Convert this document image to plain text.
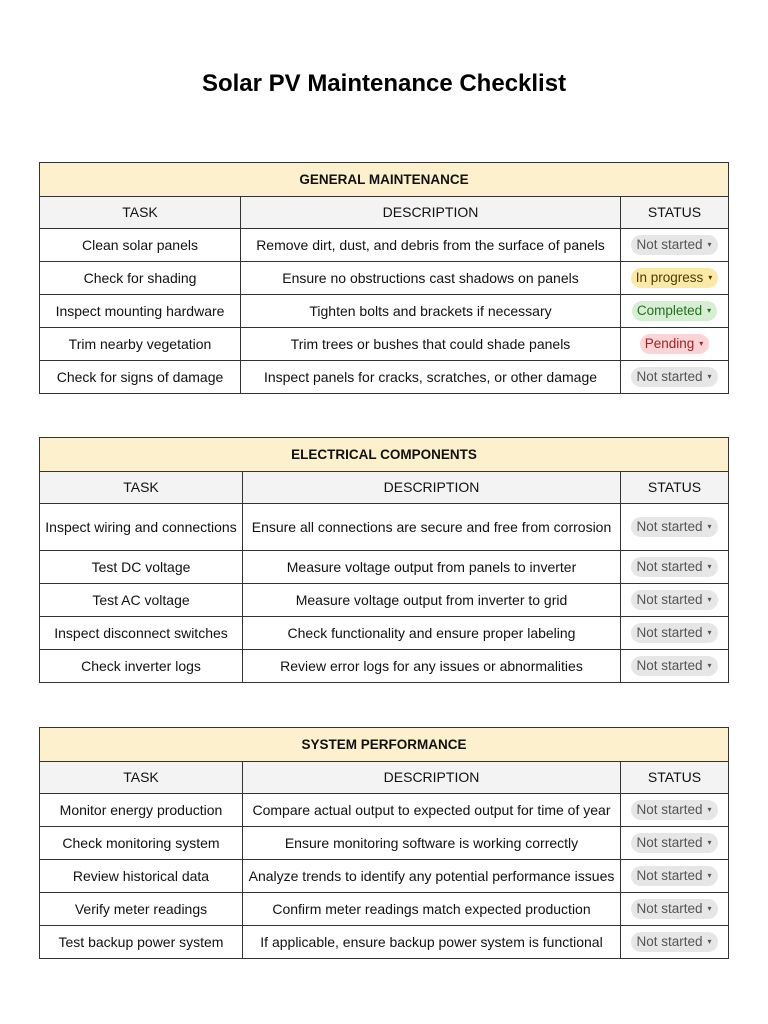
Solar PV Maintenance Checklist
GENERAL MAINTENANCE		
TASK	DESCRIPTION	STATUS
Clean solar panels	Remove dirt, dust, and debris from the surface of panels	Not started ▾
Check for shading	Ensure no obstructions cast shadows on panels	In progress ▾
Inspect mounting hardware	Tighten bolts and brackets if necessary	Completed ▾
Trim nearby vegetation	Trim trees or bushes that could shade panels	Pending ▾
Check for signs of damage	Inspect panels for cracks, scratches, or other damage	Not started ▾
ELECTRICAL COMPONENTS		
TASK	DESCRIPTION	STATUS
Inspect wiring and connections	Ensure all connections are secure and free from corrosion	Not started ▾
Test DC voltage	Measure voltage output from panels to inverter	Not started ▾
Test AC voltage	Measure voltage output from inverter to grid	Not started ▾
Inspect disconnect switches	Check functionality and ensure proper labeling	Not started ▾
Check inverter logs	Review error logs for any issues or abnormalities	Not started ▾
SYSTEM PERFORMANCE		
TASK	DESCRIPTION	STATUS
Monitor energy production	Compare actual output to expected output for time of year	Not started ▾
Check monitoring system	Ensure monitoring software is working correctly	Not started ▾
Review historical data	Analyze trends to identify any potential performance issues	Not started ▾
Verify meter readings	Confirm meter readings match expected production	Not started ▾
Test backup power system	If applicable, ensure backup power system is functional	Not started ▾
